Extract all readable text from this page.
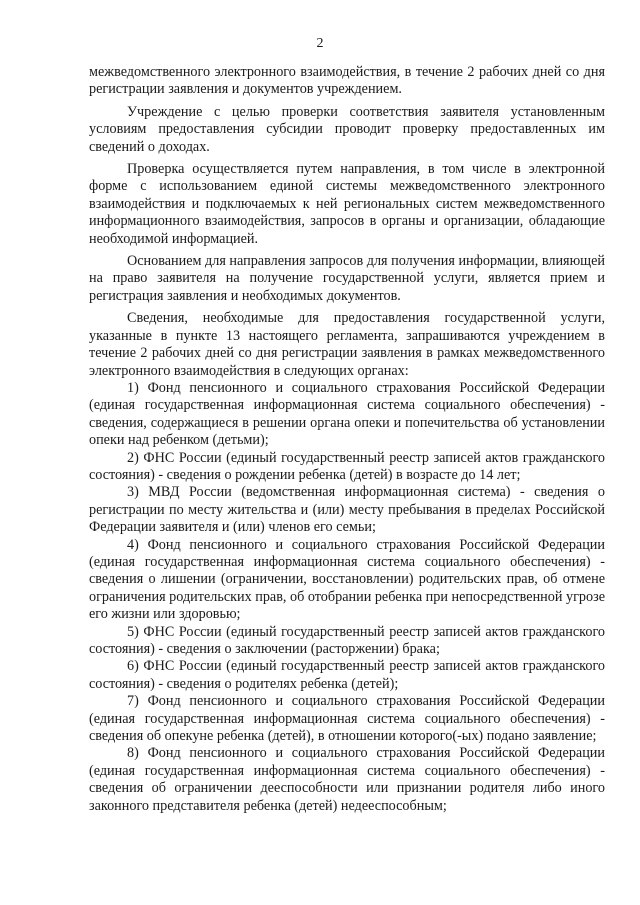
2

межведомственного электронного взаимодействия, в течение 2 рабочих дней со дня регистрации заявления и документов учреждением.

Учреждение с целью проверки соответствия заявителя установленным условиям предоставления субсидии проводит проверку предоставленных им сведений о доходах.

Проверка осуществляется путем направления, в том числе в электронной форме с использованием единой системы межведомственного электронного взаимодействия и подключаемых к ней региональных систем межведомственного информационного взаимодействия, запросов в органы и организации, обладающие необходимой информацией.

Основанием для направления запросов для получения информации, влияющей на право заявителя на получение государственной услуги, является прием и регистрация заявления и необходимых документов.

Сведения, необходимые для предоставления государственной услуги, указанные в пункте 13 настоящего регламента, запрашиваются учреждением в течение 2 рабочих дней со дня регистрации заявления в рамках межведомственного электронного взаимодействия в следующих органах:

1) Фонд пенсионного и социального страхования Российской Федерации (единая государственная информационная система социального обеспечения) - сведения, содержащиеся в решении органа опеки и попечительства об установлении опеки над ребенком (детьми);

2) ФНС России (единый государственный реестр записей актов гражданского состояния) - сведения о рождении ребенка (детей) в возрасте до 14 лет;

3) МВД России (ведомственная информационная система) - сведения о регистрации по месту жительства и (или) месту пребывания в пределах Российской Федерации заявителя и (или) членов его семьи;

4) Фонд пенсионного и социального страхования Российской Федерации (единая государственная информационная система социального обеспечения) - сведения о лишении (ограничении, восстановлении) родительских прав, об отмене ограничения родительских прав, об отобрании ребенка при непосредственной угрозе его жизни или здоровью;

5) ФНС России (единый государственный реестр записей актов гражданского состояния) - сведения о заключении (расторжении) брака;

6) ФНС России (единый государственный реестр записей актов гражданского состояния) - сведения о родителях ребенка (детей);

7) Фонд пенсионного и социального страхования Российской Федерации (единая государственная информационная система социального обеспечения) - сведения об опекуне ребенка (детей), в отношении которого(-ых) подано заявление;

8) Фонд пенсионного и социального страхования Российской Федерации (единая государственная информационная система социального обеспечения) - сведения об ограничении дееспособности или признании родителя либо иного законного представителя ребенка (детей) недееспособным;
